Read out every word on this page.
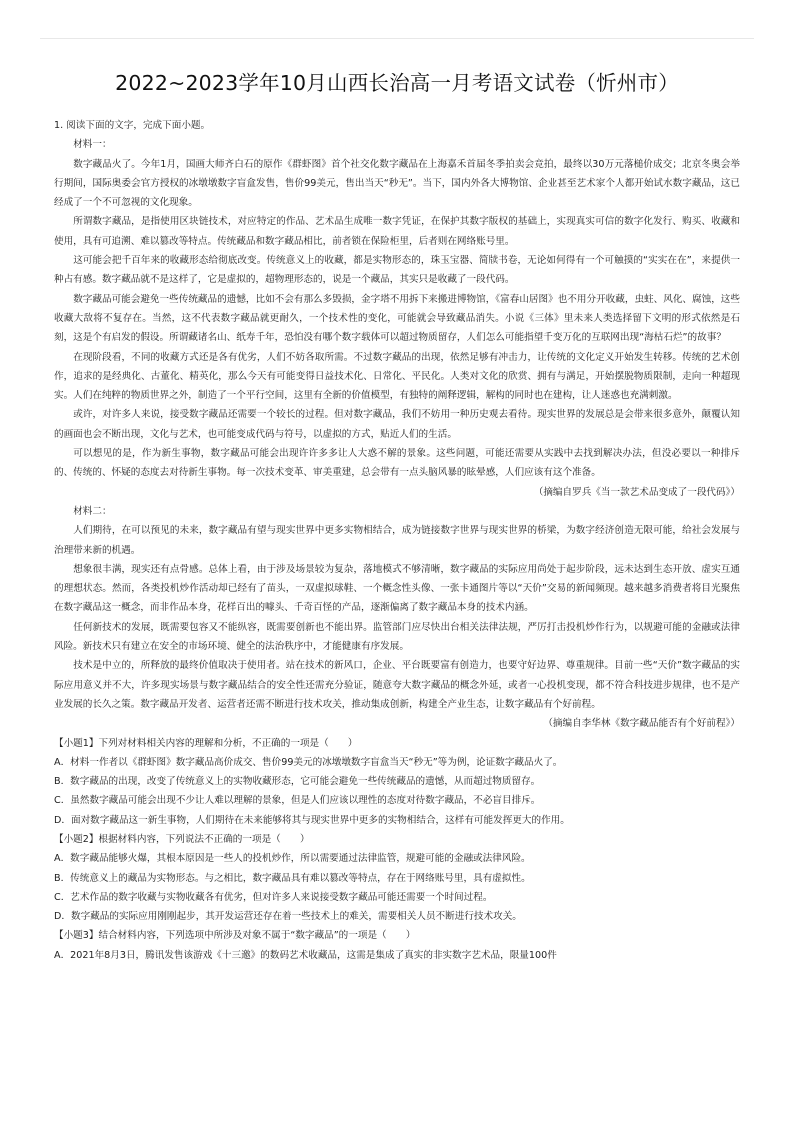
2022~2023学年10月山西长治高一月考语文试卷（忻州市）

1. 阅读下面的文字，完成下面小题。

材料一：

数字藏品火了。今年1月，国画大师齐白石的原作《群虾图》首个社交化数字藏品在上海嘉禾首届冬季拍卖会竞拍，最终以30万元落槌价成交；北京冬奥会举行期间，国际奥委会官方授权的冰墩墩数字盲盒发售，售价99美元，售出当天“秒无”。当下，国内外各大博物馆、企业甚至艺术家个人都开始试水数字藏品，这已经成了一个不可忽视的文化现象。

所谓数字藏品，是指使用区块链技术，对应特定的作品、艺术品生成唯一数字凭证，在保护其数字版权的基础上，实现真实可信的数字化发行、购买、收藏和使用，具有可追溯、难以篡改等特点。传统藏品和数字藏品相比，前者锁在保险柜里，后者则在网络账号里。

这可能会把千百年来的收藏形态给彻底改变。传统意义上的收藏，都是实物形态的，珠玉宝器、简牍书卷，无论如何得有一个可触摸的“实实在在”，来提供一种占有感。数字藏品就不是这样了，它是虚拟的，超物理形态的，说是一个藏品，其实只是收藏了一段代码。

数字藏品可能会避免一些传统藏品的遗憾，比如不会有那么多毁损，金字塔不用拆下来搬进博物馆，《富春山居图》也不用分开收藏，虫蛀、风化、腐蚀，这些收藏大敌将不复存在。当然，这不代表数字藏品就更耐久，一个技术性的变化，可能就会导致藏品消失。小说《三体》里未来人类选择留下文明的形式依然是石刻，这是个有启发的假设。所谓藏诸名山、纸寿千年，恐怕没有哪个数字载体可以超过物质留存，人们怎么可能指望千变万化的互联网出现“海枯石烂”的故事？

在现阶段看，不同的收藏方式还是各有优劣，人们不妨各取所需。不过数字藏品的出现，依然足够有冲击力，让传统的文化定义开始发生转移。传统的艺术创作，追求的是经典化、古董化、精英化，那么今天有可能变得日益技术化、日常化、平民化。人类对文化的欣赏、拥有与满足，开始摆脱物质限制，走向一种超现实。人们在纯粹的物质世界之外，制造了一个平行空间，这里有全新的价值模型，有独特的阐释逻辑，解构的同时也在建构，让人迷惑也充满刺激。

或许，对许多人来说，接受数字藏品还需要一个较长的过程。但对数字藏品，我们不妨用一种历史观去看待。现实世界的发展总是会带来很多意外，颠覆认知的画面也会不断出现，文化与艺术，也可能变成代码与符号，以虚拟的方式，贴近人们的生活。

可以想见的是，作为新生事物，数字藏品可能会出现许许多多让人大惑不解的景象。这些问题，可能还需要从实践中去找到解决办法，但没必要以一种排斥的、传统的、怀疑的态度去对待新生事物。每一次技术变革、审美重建，总会带有一点头脑风暴的眩晕感，人们应该有这个准备。

（摘编自罗兵《当一款艺术品变成了一段代码》）

材料二：

人们期待，在可以预见的未来，数字藏品有望与现实世界中更多实物相结合，成为链接数字世界与现实世界的桥梁，为数字经济创造无限可能，给社会发展与治理带来新的机遇。

想象很丰满，现实还有点骨感。总体上看，由于涉及场景较为复杂，落地模式不够清晰，数字藏品的实际应用尚处于起步阶段，远未达到生态开放、虚实互通的理想状态。然而，各类投机炒作活动却已经有了苗头，一双虚拟球鞋、一个概念性头像、一张卡通图片等以“天价”交易的新闻频现。越来越多消费者将目光聚焦在数字藏品这一概念，而非作品本身，花样百出的噱头、千奇百怪的产品，逐渐偏离了数字藏品本身的技术内涵。

任何新技术的发展，既需要包容又不能纵容，既需要创新也不能出界。监管部门应尽快出台相关法律法规，严厉打击投机炒作行为，以规避可能的金融或法律风险。新技术只有建立在安全的市场环境、健全的法治秩序中，才能健康有序发展。

技术是中立的，所释放的最终价值取决于使用者。站在技术的新风口，企业、平台既要富有创造力，也要守好边界、尊重规律。目前一些“天价”数字藏品的实际应用意义并不大，许多现实场景与数字藏品结合的安全性还需充分验证，随意夸大数字藏品的概念外延，或者一心投机变现，都不符合科技进步规律，也不是产业发展的长久之策。数字藏品开发者、运营者还需不断进行技术攻关，推动集成创新，构建全产业生态，让数字藏品有个好前程。

（摘编自李华林《数字藏品能否有个好前程》）

【小题1】下列对材料相关内容的理解和分析，不正确的一项是（　　）

A．材料一作者以《群虾图》数字藏品高价成交、售价99美元的冰墩墩数字盲盒当天“秒无”等为例，论证数字藏品火了。

B．数字藏品的出现，改变了传统意义上的实物收藏形态，它可能会避免一些传统藏品的遗憾，从而超过物质留存。

C．虽然数字藏品可能会出现不少让人难以理解的景象，但是人们应该以理性的态度对待数字藏品，不必盲目排斥。

D．面对数字藏品这一新生事物，人们期待在未来能够将其与现实世界中更多的实物相结合，这样有可能发挥更大的作用。

【小题2】根据材料内容，下列说法不正确的一项是（　　）

A．数字藏品能够火爆，其根本原因是一些人的投机炒作，所以需要通过法律监管，规避可能的金融或法律风险。

B．传统意义上的藏品为实物形态。与之相比，数字藏品具有难以篡改等特点，存在于网络账号里，具有虚拟性。

C．艺术作品的数字收藏与实物收藏各有优劣，但对许多人来说接受数字藏品可能还需要一个时间过程。

D．数字藏品的实际应用刚刚起步，其开发运营还存在着一些技术上的难关，需要相关人员不断进行技术攻关。

【小题3】结合材料内容，下列选项中所涉及对象不属于“数字藏品”的一项是（　　）

A．2021年8月3日，腾讯发售该游戏《十三邀》的数码艺术收藏品，这需是集成了真实的非实数字艺术品，限量100件
